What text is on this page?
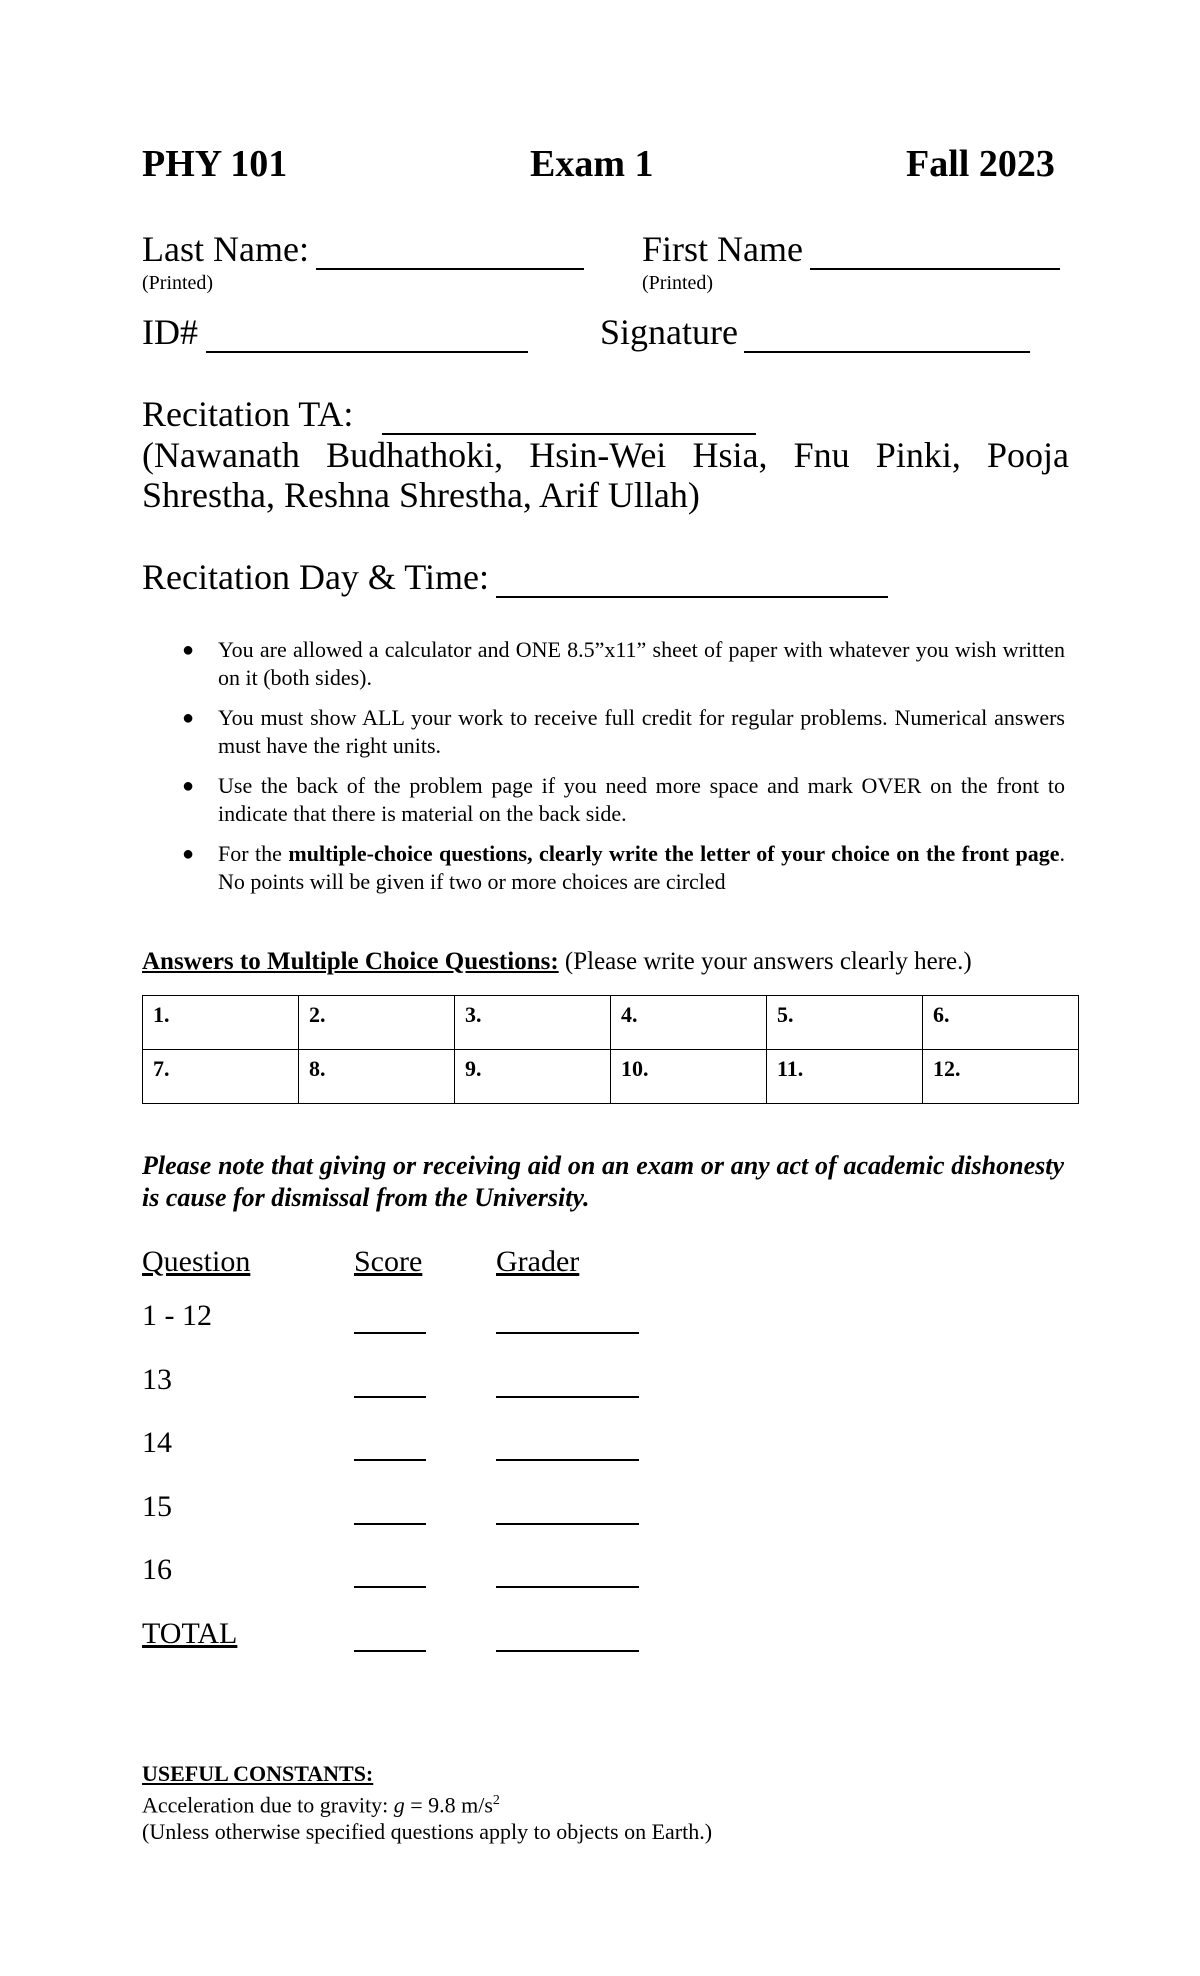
PHY 101	Exam 1	Fall 2023
Last Name:
(Printed)
First Name
(Printed)
ID#	Signature
Recitation TA:
(Nawanath Budhathoki, Hsin-Wei Hsia, Fnu Pinki, Pooja
Shrestha, Reshna Shrestha, Arif Ullah)
Recitation Day & Time:
● You are allowed a calculator and ONE 8.5”x11” sheet of paper with whatever you wish written on it (both sides).
● You must show ALL your work to receive full credit for regular problems. Numerical answers must have the right units.
● Use the back of the problem page if you need more space and mark OVER on the front to indicate that there is material on the back side.
● For the multiple-choice questions, clearly write the letter of your choice on the front page. No points will be given if two or more choices are circled
Answers to Multiple Choice Questions: (Please write your answers clearly here.)
1.	2.	3.	4.	5.	6.
7.	8.	9.	10.	11.	12.
Please note that giving or receiving aid on an exam or any act of academic dishonesty is cause for dismissal from the University.
Question	Score Grader
1 - 12
13
14
15
16
TOTAL
USEFUL CONSTANTS:
Acceleration due to gravity: g = 9.8 $m/s^2$
(Unless otherwise specified questions apply to objects on Earth.)
